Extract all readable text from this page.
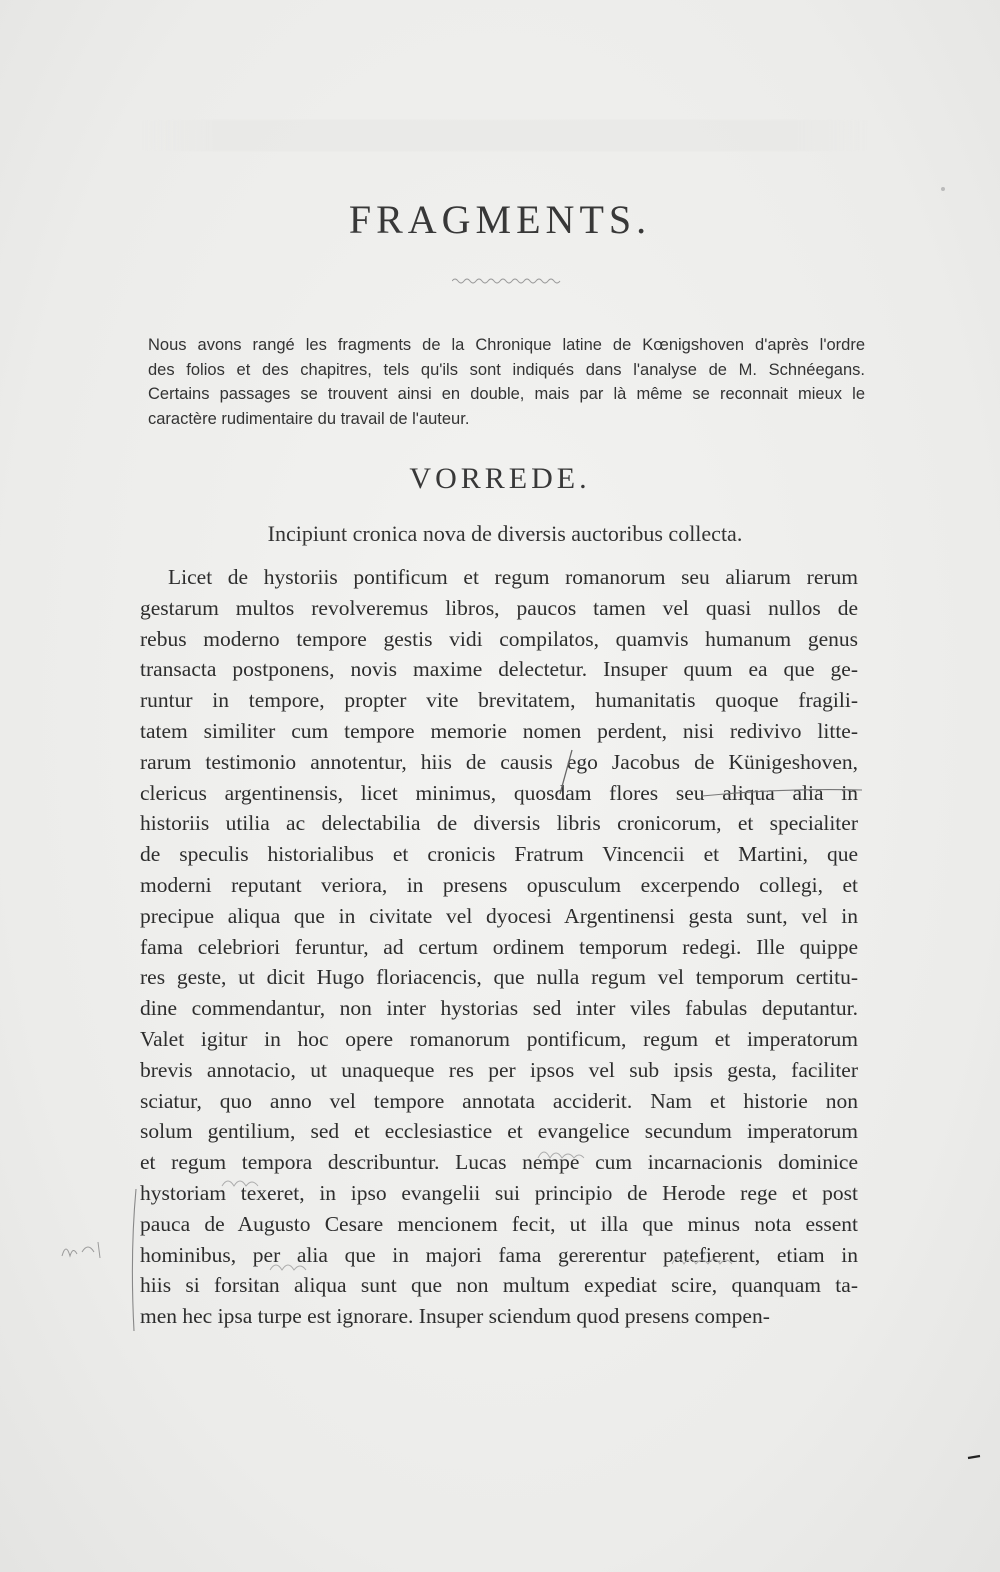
FRAGMENTS.
Nous avons rangé les fragments de la Chronique latine de Kœnigshoven d'après l'ordre
des folios et des chapitres, tels qu'ils sont indiqués dans l'analyse de M. Schnéegans.
Certains passages se trouvent ainsi en double, mais par là même se reconnait mieux le
caractère rudimentaire du travail de l'auteur.
VORREDE.
Incipiunt cronica nova de diversis auctoribus collecta.
Licet de hystoriis pontificum et regum romanorum seu aliarum rerum
gestarum multos revolveremus libros, paucos tamen vel quasi nullos de
rebus moderno tempore gestis vidi compilatos, quamvis humanum genus
transacta postponens, novis maxime delectetur. Insuper quum ea que ge-
runtur in tempore, propter vite brevitatem, humanitatis quoque fragili-
tatem similiter cum tempore memorie nomen perdent, nisi redivivo litte-
rarum testimonio annotentur, hiis de causis ego Jacobus de Künigeshoven,
clericus argentinensis, licet minimus, quosdam flores seu aliqua alia in
historiis utilia ac delectabilia de diversis libris cronicorum, et specialiter
de speculis historialibus et cronicis Fratrum Vincencii et Martini, que
moderni reputant veriora, in presens opusculum excerpendo collegi, et
precipue aliqua que in civitate vel dyocesi Argentinensi gesta sunt, vel in
fama celebriori feruntur, ad certum ordinem temporum redegi. Ille quippe
res geste, ut dicit Hugo floriacencis, que nulla regum vel temporum certitu-
dine commendantur, non inter hystorias sed inter viles fabulas deputantur.
Valet igitur in hoc opere romanorum pontificum, regum et imperatorum
brevis annotacio, ut unaqueque res per ipsos vel sub ipsis gesta, faciliter
sciatur, quo anno vel tempore annotata acciderit. Nam et historie non
solum gentilium, sed et ecclesiastice et evangelice secundum imperatorum
et regum tempora describuntur. Lucas nempe cum incarnacionis dominice
hystoriam texeret, in ipso evangelii sui principio de Herode rege et post
pauca de Augusto Cesare mencionem fecit, ut illa que minus nota essent
hominibus, per alia que in majori fama gererentur patefierent, etiam in
hiis si forsitan aliqua sunt que non multum expediat scire, quanquam ta-
men hec ipsa turpe est ignorare. Insuper sciendum quod presens compen-
